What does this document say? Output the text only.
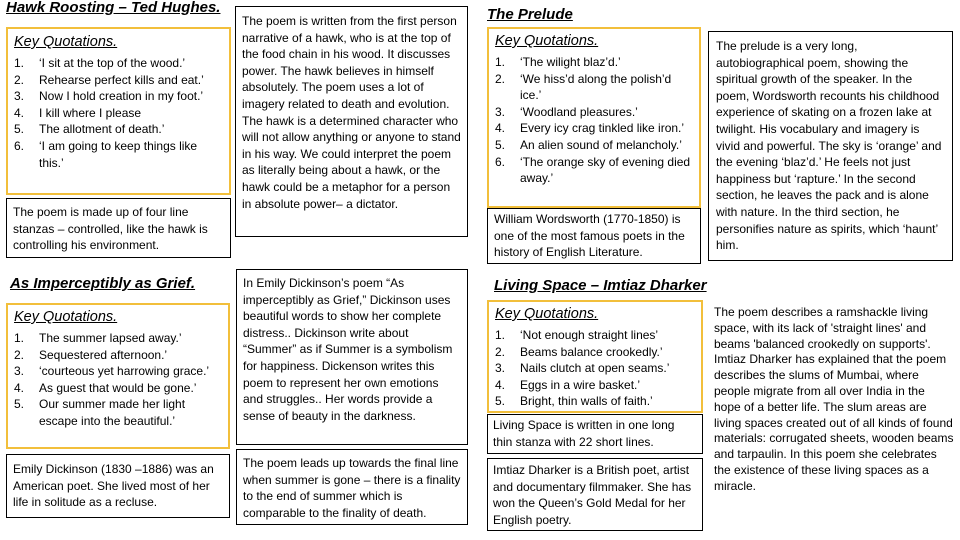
Hawk Roosting – Ted Hughes.
Key Quotations.
1.	‘I sit at the top of the wood.’
2.	Rehearse perfect kills and eat.’
3.	Now I hold creation in my foot.’
4.	I kill where I please
5.	The allotment of death.’
6.	‘I am going to keep things like this.’
The poem is made up of four line stanzas – controlled, like the hawk is controlling his environment.
The poem is written from the first person narrative of a hawk, who is at the top of the food chain in his wood. It discusses power. The hawk believes in himself absolutely. The poem uses a lot of imagery related to death and evolution. The hawk is a determined character who will not allow anything or anyone to stand in his way. We could interpret the poem as literally being about a hawk, or the hawk could be a metaphor for a person in absolute power– a dictator.
As Imperceptibly as Grief.
Key Quotations.
1.	The summer lapsed away.’
2.	Sequestered afternoon.’
3.	‘courteous yet harrowing grace.’
4.	As guest that would be gone.’
5.	Our summer made her light escape into the beautiful.’
Emily Dickinson (1830 –1886) was an American poet. She lived most of her life in solitude as a recluse.
In Emily Dickinson’s poem “As imperceptibly as Grief,” Dickinson uses beautiful words to show her complete distress.. Dickinson write about “Summer” as if Summer is a symbolism for happiness. Dickenson writes this poem to represent her own emotions and struggles.. Her words provide a sense of beauty in the darkness.
The poem leads up towards the final line when summer is gone – there is a finality to the end of summer which is comparable to the finality of death.
The Prelude
Key Quotations.
1.	‘The wilight blaz’d.’
2.	‘We hiss’d along the polish’d ice.’
3.	‘Woodland pleasures.’
4.	Every icy crag tinkled like iron.’
5.	An alien sound of melancholy.’
6.	‘The orange sky of evening died away.’
William Wordsworth (1770-1850) is one of the most famous poets in the history of English Literature.
The prelude is a very long, autobiographical poem, showing the spiritual growth of the speaker. In the poem, Wordsworth recounts his childhood experience of skating on a frozen lake at twilight. His vocabulary and imagery is vivid and powerful. The sky is ‘orange’ and the evening ‘blaz’d.’ He feels not just happiness but ‘rapture.’ In the second section, he leaves the pack and is alone with nature. In the third section, he personifies nature as spirits, which ‘haunt’ him.
Living Space – Imtiaz Dharker
Key Quotations.
1.	‘Not enough straight lines’
2.	Beams balance crookedly.’
3.	Nails clutch at open seams.’
4.	Eggs in a wire basket.’
5.	Bright, thin walls of faith.’
Living Space is written in one long thin stanza with 22 short lines.
Imtiaz Dharker is a British poet, artist and documentary filmmaker. She has won the Queen’s Gold Medal for her English poetry.
The poem describes a ramshackle living space, with its lack of 'straight lines' and beams 'balanced crookedly on supports'. Imtiaz Dharker has explained that the poem describes the slums of Mumbai, where people migrate from all over India in the hope of a better life. The slum areas are living spaces created out of all kinds of found materials: corrugated sheets, wooden beams and tarpaulin. In this poem she celebrates the existence of these living spaces as a miracle.
